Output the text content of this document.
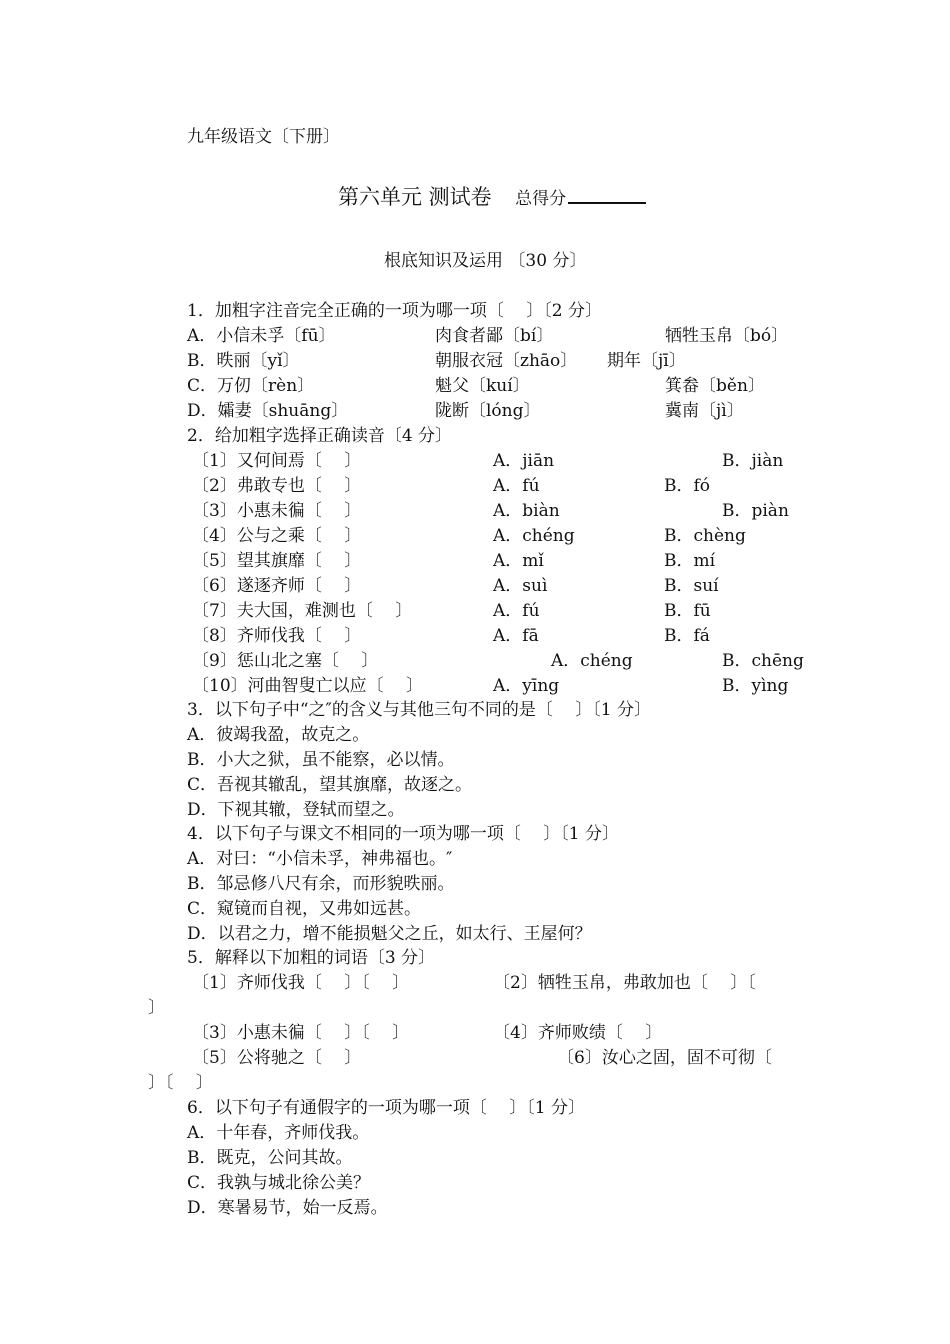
九年级语文〔下册〕
第六单元 测试卷 总得分
根底知识及运用 〔30 分〕
1．加粗字注音完全正确的一项为哪一项〔　 〕〔2 分〕
A．小信未孚〔fū〕	肉食者鄙〔bí〕	牺牲玉帛〔bó〕
B．昳丽〔yǐ〕	朝服衣冠〔zhāo〕 期年〔jī〕
C．万仞〔rèn〕	魁父〔kuí〕	箕畚〔běn〕
D．孀妻〔shuāng〕	陇断〔lóng〕	冀南〔jì〕
2．给加粗字选择正确读音〔4 分〕
〔1〕又何间焉〔　 〕	A．jiān	B．jiàn
〔2〕弗敢专也〔　 〕	A．fú	B．fó
〔3〕小惠未徧〔　 〕	A．biàn	B．piàn
〔4〕公与之乘〔　 〕	A．chéng	B．chèng
〔5〕望其旗靡〔　 〕	A．mǐ	B．mí
〔6〕遂逐齐师〔　 〕	A．suì	B．suí
〔7〕夫大国，难测也〔　 〕	A．fú	B．fū
〔8〕齐师伐我〔　 〕	A．fā	B．fá
〔9〕惩山北之塞〔　 〕	A．chéng	B．chēng
〔10〕河曲智叟亡以应〔　 〕	A．yīng	B．yìng
3．以下句子中“之″的含义与其他三句不同的是〔　 〕〔1 分〕
A．彼竭我盈，故克之。
B．小大之狱，虽不能察，必以情。
C．吾视其辙乱，望其旗靡，故逐之。
D．下视其辙，登轼而望之。
4．以下句子与课文不相同的一项为哪一项〔　 〕〔1 分〕
A．对曰：“小信未孚，神弗福也。″
B．邹忌修八尺有余，而形貌昳丽。
C．窥镜而自视，又弗如远甚。
D．以君之力，增不能损魁父之丘，如太行、王屋何？
5．解释以下加粗的词语〔3 分〕
〔1〕齐师伐我〔　 〕〔　 〕	〔2〕牺牲玉帛，弗敢加也〔　 〕〔
〕
〔3〕小惠未徧〔　 〕〔　 〕	〔4〕齐师败绩〔　 〕
〔5〕公将驰之〔　 〕	〔6〕汝心之固，固不可彻〔
〕〔　 〕
6．以下句子有通假字的一项为哪一项〔　 〕〔1 分〕
A．十年春，齐师伐我。
B．既克，公问其故。
C．我孰与城北徐公美？
D．寒暑易节，始一反焉。
